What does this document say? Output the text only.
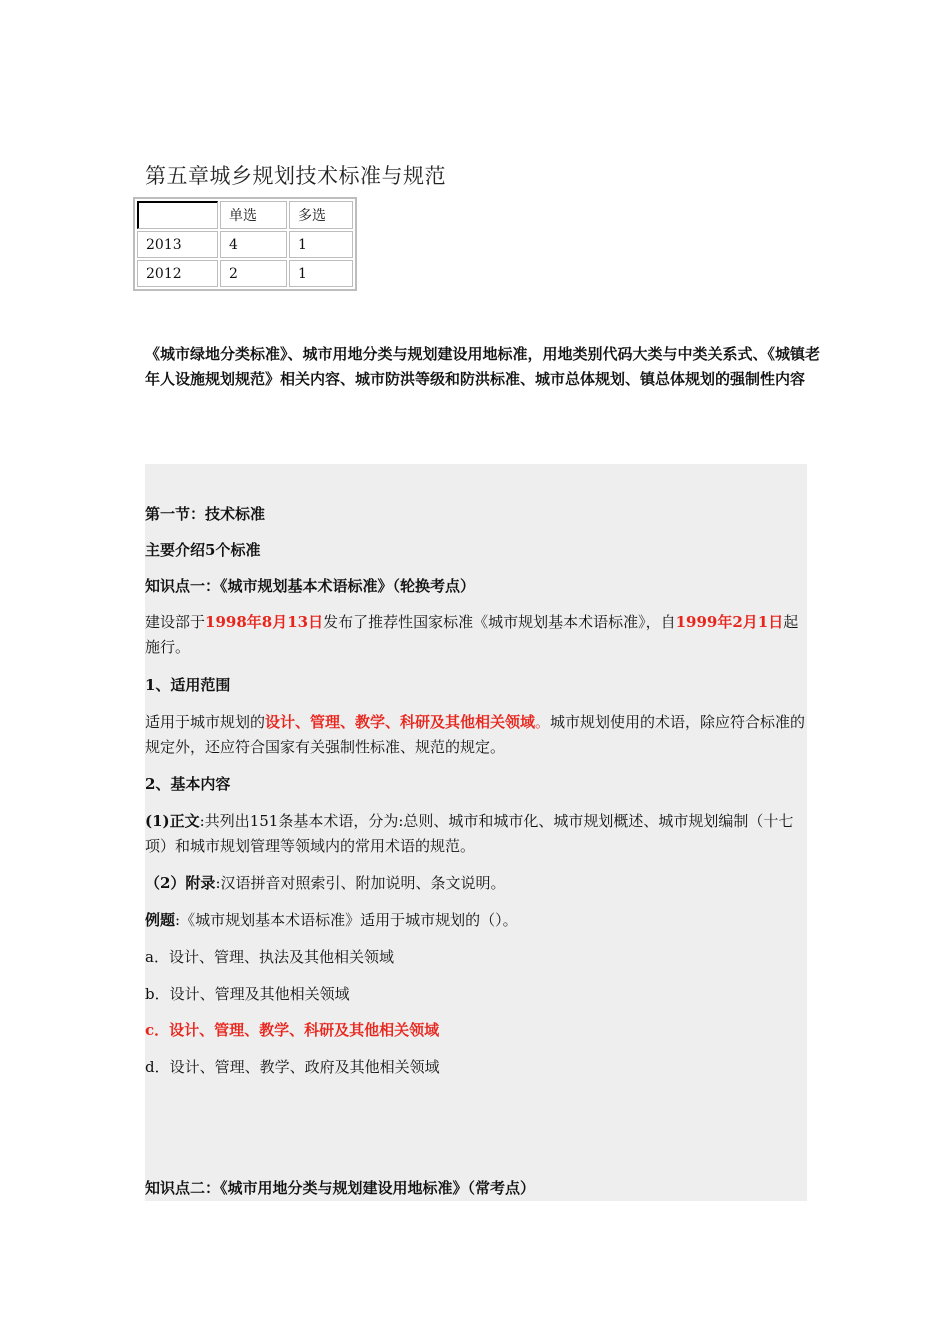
第五章城乡规划技术标准与规范
	单选	多选
2013	4	1
2012	2	1
《城市绿地分类标准》、城市用地分类与规划建设用地标准，用地类别代码大类与中类关系式、《城镇老年人设施规划规范》相关内容、城市防洪等级和防洪标准、城市总体规划、镇总体规划的强制性内容
第一节：技术标准
主要介绍5个标准
知识点一：《城市规划基本术语标准》（轮换考点）
建设部于1998年8月13日发布了推荐性国家标准《城市规划基本术语标准》，自1999年2月1日起施行。
1、适用范围
适用于城市规划的设计、管理、教学、科研及其他相关领域。城市规划使用的术语，除应符合标准的规定外，还应符合国家有关强制性标准、规范的规定。
2、基本内容
(1)正文:共列出151条基本术语，分为:总则、城市和城市化、城市规划概述、城市规划编制（十七项）和城市规划管理等领域内的常用术语的规范。
（2）附录:汉语拼音对照索引、附加说明、条文说明。
例题:《城市规划基本术语标准》适用于城市规划的（）。
a．设计、管理、执法及其他相关领域
b．设计、管理及其他相关领域
c．设计、管理、教学、科研及其他相关领域
d．设计、管理、教学、政府及其他相关领域
知识点二：《城市用地分类与规划建设用地标准》（常考点）
